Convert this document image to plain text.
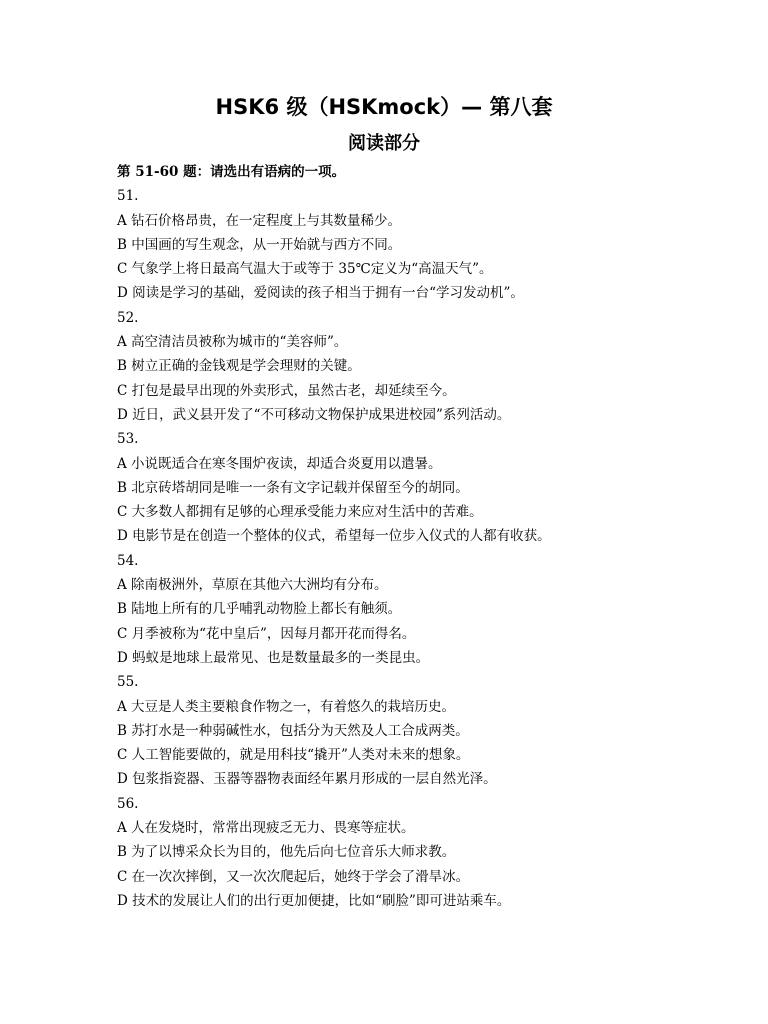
HSK6 级（HSKmock）— 第八套
阅读部分
第 51-60 题：请选出有语病的一项。
51.
A 钻石价格昂贵，在一定程度上与其数量稀少。
B 中国画的写生观念，从一开始就与西方不同。
C 气象学上将日最高气温大于或等于 35℃定义为“高温天气”。
D 阅读是学习的基础，爱阅读的孩子相当于拥有一台“学习发动机”。
52.
A 高空清洁员被称为城市的“美容师”。
B 树立正确的金钱观是学会理财的关键。
C 打包是最早出现的外卖形式，虽然古老，却延续至今。
D 近日，武义县开发了“不可移动文物保护成果进校园”系列活动。
53.
A 小说既适合在寒冬围炉夜读，却适合炎夏用以遣暑。
B 北京砖塔胡同是唯一一条有文字记载并保留至今的胡同。
C 大多数人都拥有足够的心理承受能力来应对生活中的苦难。
D 电影节是在创造一个整体的仪式，希望每一位步入仪式的人都有收获。
54.
A 除南极洲外，草原在其他六大洲均有分布。
B 陆地上所有的几乎哺乳动物脸上都长有触须。
C 月季被称为“花中皇后”，因每月都开花而得名。
D 蚂蚁是地球上最常见、也是数量最多的一类昆虫。
55.
A 大豆是人类主要粮食作物之一，有着悠久的栽培历史。
B 苏打水是一种弱碱性水，包括分为天然及人工合成两类。
C 人工智能要做的，就是用科技“撬开”人类对未来的想象。
D 包浆指瓷器、玉器等器物表面经年累月形成的一层自然光泽。
56.
A 人在发烧时，常常出现疲乏无力、畏寒等症状。
B 为了以博采众长为目的，他先后向七位音乐大师求教。
C 在一次次摔倒，又一次次爬起后，她终于学会了滑旱冰。
D 技术的发展让人们的出行更加便捷，比如“刷脸”即可进站乘车。
